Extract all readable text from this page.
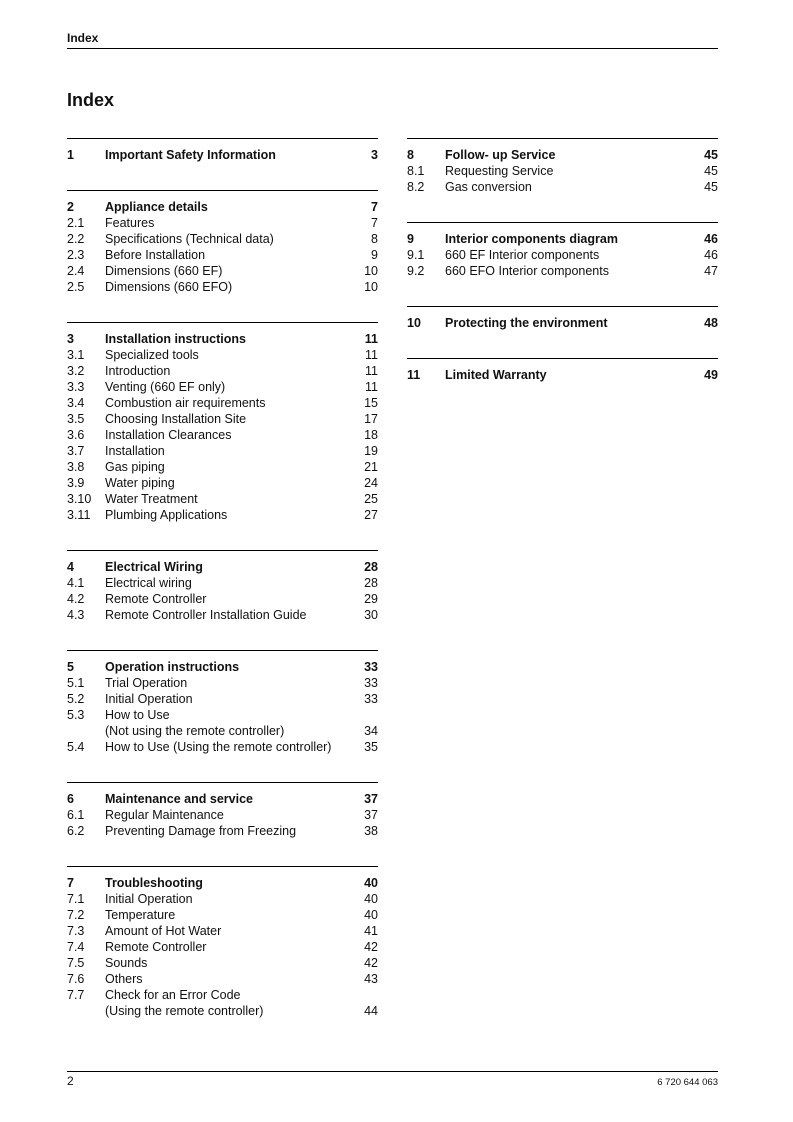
Index
Index
1	Important Safety Information	3
2	Appliance details	7
2.1	Features	7
2.2	Specifications (Technical data)	8
2.3	Before Installation	9
2.4	Dimensions (660 EF)	10
2.5	Dimensions (660 EFO)	10
3	Installation instructions	11
3.1	Specialized tools	11
3.2	Introduction	11
3.3	Venting (660 EF only)	11
3.4	Combustion air requirements	15
3.5	Choosing Installation Site	17
3.6	Installation Clearances	18
3.7	Installation	19
3.8	Gas piping	21
3.9	Water piping	24
3.10	Water Treatment	25
3.11	Plumbing Applications	27
4	Electrical Wiring	28
4.1	Electrical wiring	28
4.2	Remote Controller	29
4.3	Remote Controller Installation Guide	30
5	Operation instructions	33
5.1	Trial Operation	33
5.2	Initial Operation	33
5.3	How to Use
(Not using the remote controller)	34
5.4	How to Use (Using the remote controller)	35
6	Maintenance and service	37
6.1	Regular Maintenance	37
6.2	Preventing Damage from Freezing	38
7	Troubleshooting	40
7.1	Initial Operation	40
7.2	Temperature	40
7.3	Amount of Hot Water	41
7.4	Remote Controller	42
7.5	Sounds	42
7.6	Others	43
7.7	Check for an Error Code
(Using the remote controller)	44
8	Follow- up Service	45
8.1	Requesting Service	45
8.2	Gas conversion	45
9	Interior components diagram	46
9.1	660 EF Interior components	46
9.2	660 EFO Interior components	47
10	Protecting the environment	48
11	Limited Warranty	49
2	6 720 644 063
